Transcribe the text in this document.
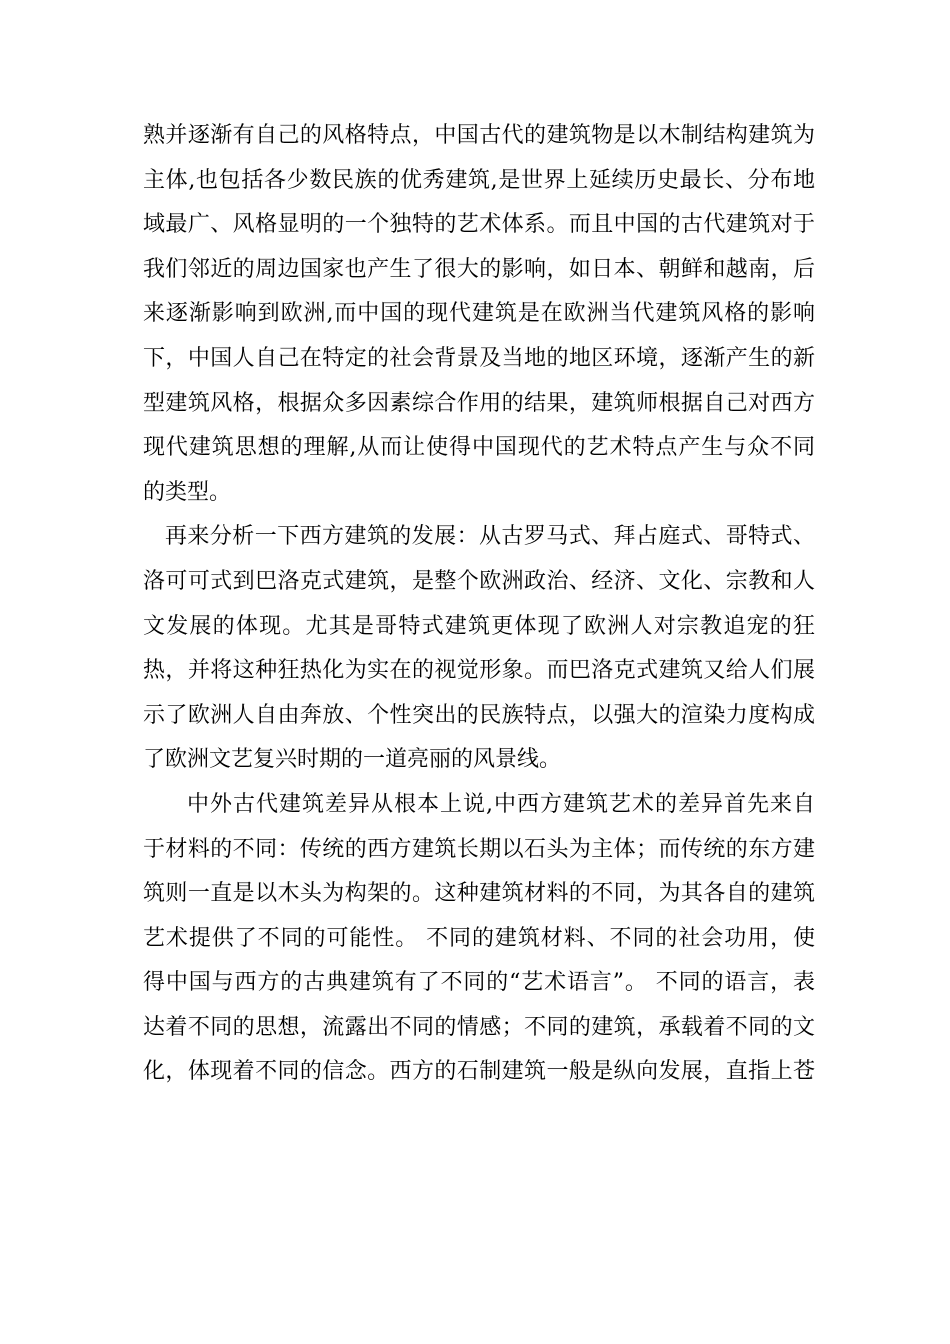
熟并逐渐有自己的风格特点，中国古代的建筑物是以木制结构建筑为
主体,也包括各少数民族的优秀建筑,是世界上延续历史最长、分布地
域最广、风格显明的一个独特的艺术体系。而且中国的古代建筑对于
我们邻近的周边国家也产生了很大的影响，如日本、朝鲜和越南，后
来逐渐影响到欧洲,而中国的现代建筑是在欧洲当代建筑风格的影响
下，中国人自己在特定的社会背景及当地的地区环境，逐渐产生的新
型建筑风格，根据众多因素综合作用的结果，建筑师根据自己对西方
现代建筑思想的理解,从而让使得中国现代的艺术特点产生与众不同
的类型。
再来分析一下西方建筑的发展：从古罗马式、拜占庭式、哥特式、
洛可可式到巴洛克式建筑，是整个欧洲政治、经济、文化、宗教和人
文发展的体现。尤其是哥特式建筑更体现了欧洲人对宗教追宠的狂
热，并将这种狂热化为实在的视觉形象。而巴洛克式建筑又给人们展
示了欧洲人自由奔放、个性突出的民族特点，以强大的渲染力度构成
了欧洲文艺复兴时期的一道亮丽的风景线。
中外古代建筑差异从根本上说,中西方建筑艺术的差异首先来自
于材料的不同：传统的西方建筑长期以石头为主体；而传统的东方建
筑则一直是以木头为构架的。这种建筑材料的不同，为其各自的建筑
艺术提供了不同的可能性。 不同的建筑材料、不同的社会功用，使
得中国与西方的古典建筑有了不同的“艺术语言”。 不同的语言，表
达着不同的思想，流露出不同的情感；不同的建筑，承载着不同的文
化，体现着不同的信念。西方的石制建筑一般是纵向发展，直指上苍
